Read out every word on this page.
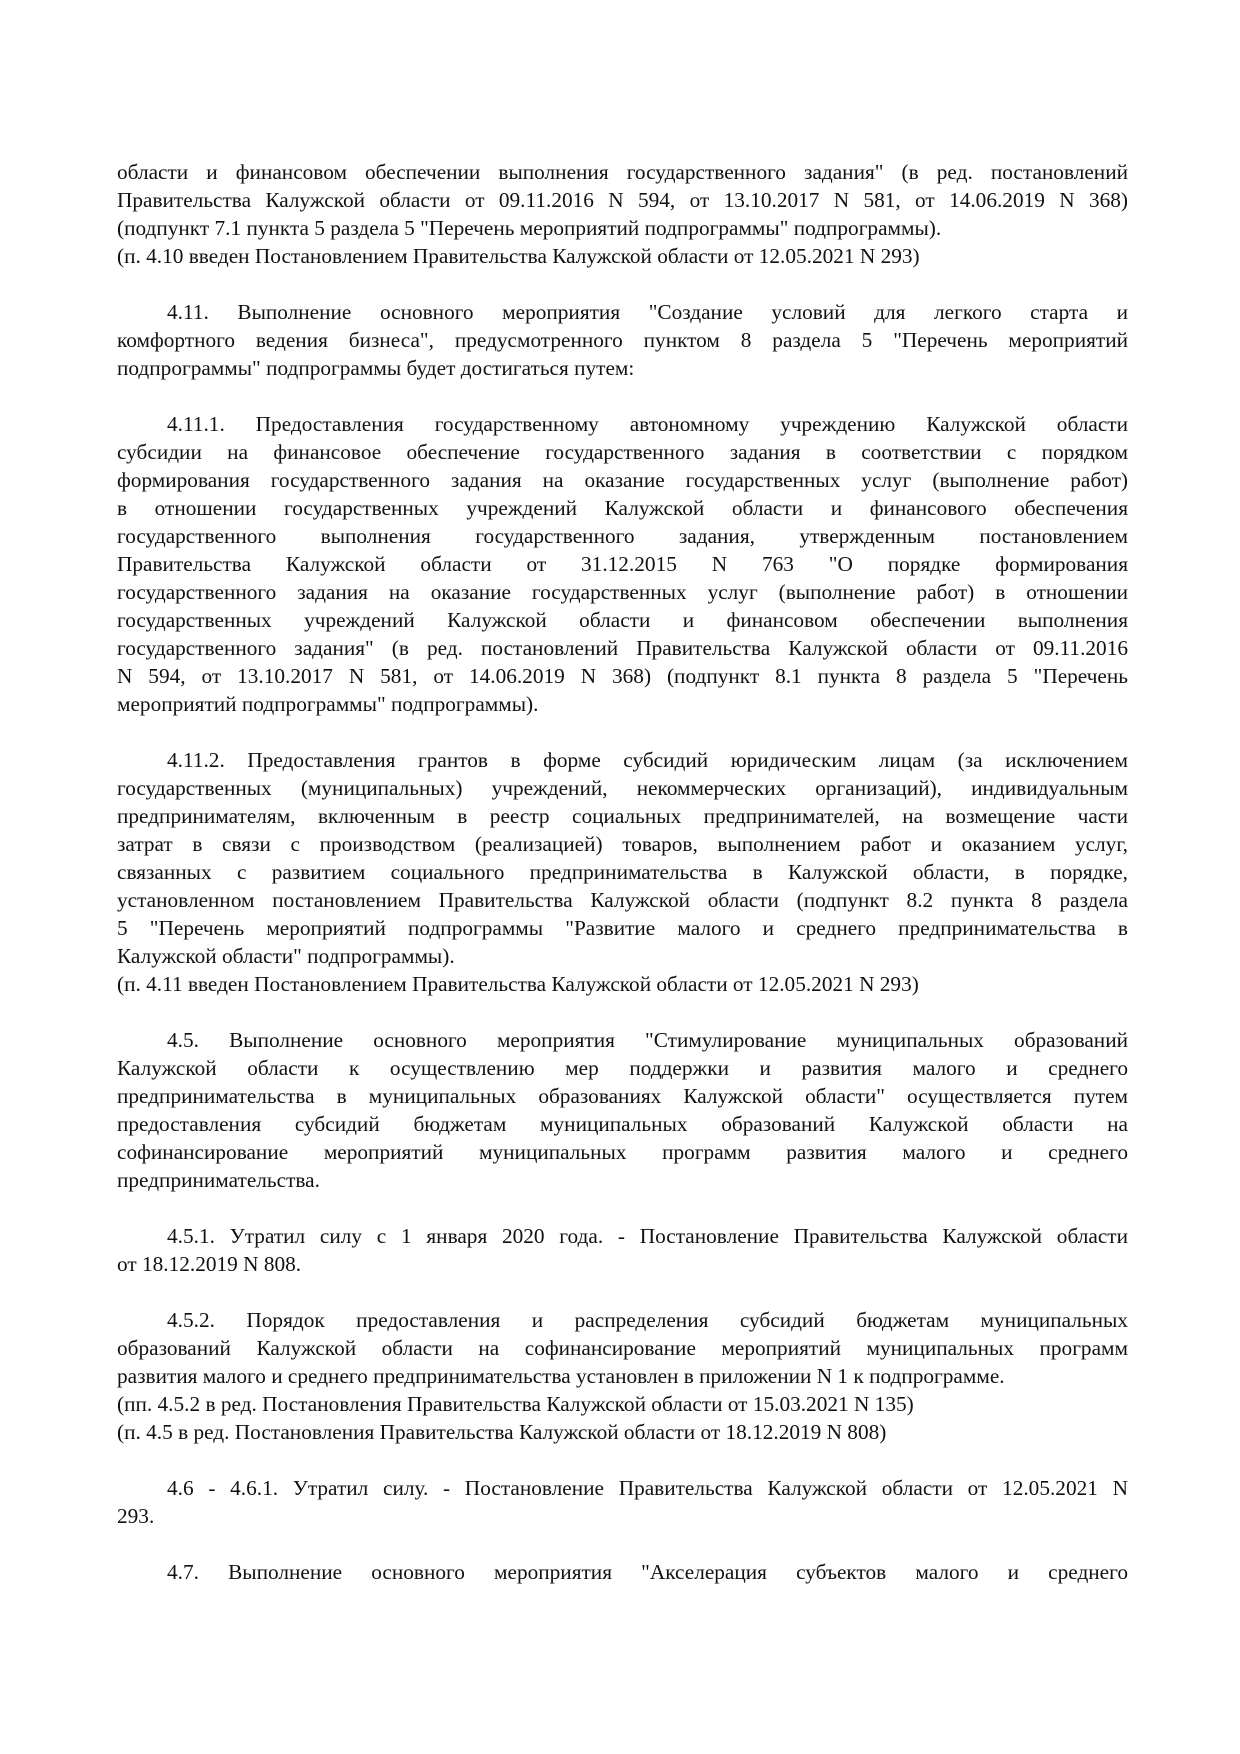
области и финансовом обеспечении выполнения государственного задания" (в ред. постановлений
Правительства Калужской области от 09.11.2016 N 594, от 13.10.2017 N 581, от 14.06.2019 N 368)
(подпункт 7.1 пункта 5 раздела 5 "Перечень мероприятий подпрограммы" подпрограммы).
(п. 4.10 введен Постановлением Правительства Калужской области от 12.05.2021 N 293)
4.11. Выполнение основного мероприятия "Создание условий для легкого старта и
комфортного ведения бизнеса", предусмотренного пунктом 8 раздела 5 "Перечень мероприятий
подпрограммы" подпрограммы будет достигаться путем:
4.11.1. Предоставления государственному автономному учреждению Калужской области
субсидии на финансовое обеспечение государственного задания в соответствии с порядком
формирования государственного задания на оказание государственных услуг (выполнение работ)
в отношении государственных учреждений Калужской области и финансового обеспечения
государственного выполнения государственного задания, утвержденным постановлением
Правительства Калужской области от 31.12.2015 N 763 "О порядке формирования
государственного задания на оказание государственных услуг (выполнение работ) в отношении
государственных учреждений Калужской области и финансовом обеспечении выполнения
государственного задания" (в ред. постановлений Правительства Калужской области от 09.11.2016
N 594, от 13.10.2017 N 581, от 14.06.2019 N 368) (подпункт 8.1 пункта 8 раздела 5 "Перечень
мероприятий подпрограммы" подпрограммы).
4.11.2. Предоставления грантов в форме субсидий юридическим лицам (за исключением
государственных (муниципальных) учреждений, некоммерческих организаций), индивидуальным
предпринимателям, включенным в реестр социальных предпринимателей, на возмещение части
затрат в связи с производством (реализацией) товаров, выполнением работ и оказанием услуг,
связанных с развитием социального предпринимательства в Калужской области, в порядке,
установленном постановлением Правительства Калужской области (подпункт 8.2 пункта 8 раздела
5 "Перечень мероприятий подпрограммы "Развитие малого и среднего предпринимательства в
Калужской области" подпрограммы).
(п. 4.11 введен Постановлением Правительства Калужской области от 12.05.2021 N 293)
4.5. Выполнение основного мероприятия "Стимулирование муниципальных образований
Калужской области к осуществлению мер поддержки и развития малого и среднего
предпринимательства в муниципальных образованиях Калужской области" осуществляется путем
предоставления субсидий бюджетам муниципальных образований Калужской области на
софинансирование мероприятий муниципальных программ развития малого и среднего
предпринимательства.
4.5.1. Утратил силу с 1 января 2020 года. - Постановление Правительства Калужской области
от 18.12.2019 N 808.
4.5.2. Порядок предоставления и распределения субсидий бюджетам муниципальных
образований Калужской области на софинансирование мероприятий муниципальных программ
развития малого и среднего предпринимательства установлен в приложении N 1 к подпрограмме.
(пп. 4.5.2 в ред. Постановления Правительства Калужской области от 15.03.2021 N 135)
(п. 4.5 в ред. Постановления Правительства Калужской области от 18.12.2019 N 808)
4.6 - 4.6.1. Утратил силу. - Постановление Правительства Калужской области от 12.05.2021 N
293.
4.7. Выполнение основного мероприятия "Акселерация субъектов малого и среднего
